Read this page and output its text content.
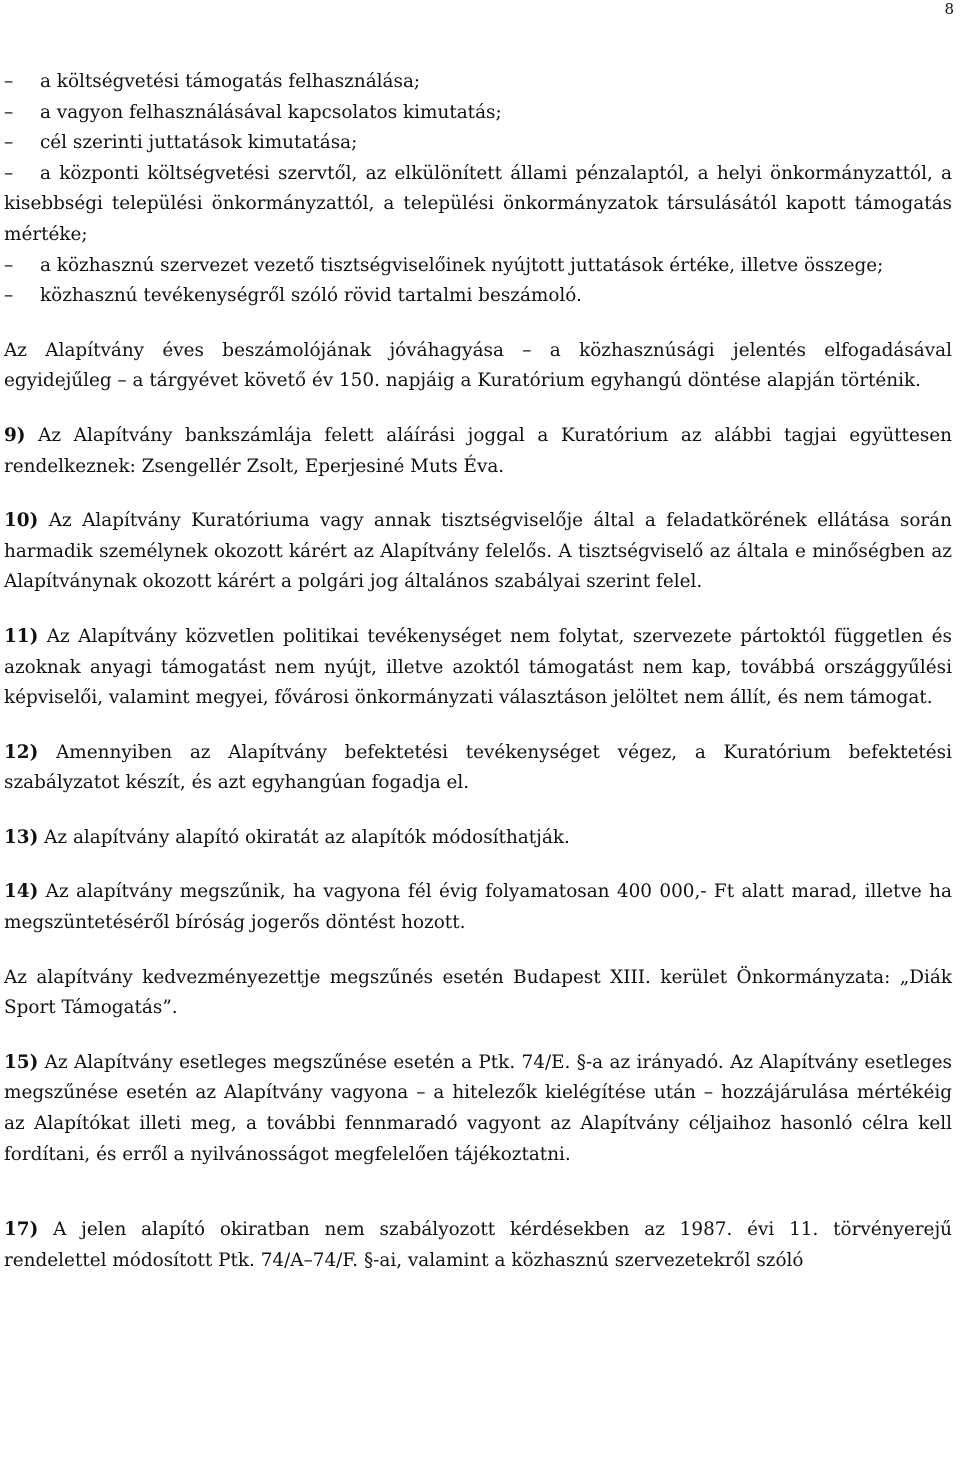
8

– a költségvetési támogatás felhasználása;

– a vagyon felhasználásával kapcsolatos kimutatás;

– cél szerinti juttatások kimutatása;

– a központi költségvetési szervtől, az elkülönített állami pénzalaptól, a helyi önkormányzattól, a kisebbségi települési önkormányzattól, a települési önkormányzatok társulásától kapott támogatás mértéke;

– a közhasznú szervezet vezető tisztségviselőinek nyújtott juttatások értéke, illetve összege;

– közhasznú tevékenységről szóló rövid tartalmi beszámoló.

Az Alapítvány éves beszámolójának jóváhagyása – a közhasznúsági jelentés elfogadásával egyidejűleg – a tárgyévet követő év 150. napjáig a Kuratórium egyhangú döntése alapján történik.

9) Az Alapítvány bankszámlája felett aláírási joggal a Kuratórium az alábbi tagjai együttesen rendelkeznek: Zsengellér Zsolt, Eperjesiné Muts Éva.

10) Az Alapítvány Kuratóriuma vagy annak tisztségviselője által a feladatkörének ellátása során harmadik személynek okozott kárért az Alapítvány felelős. A tisztségviselő az általa e minőségben az Alapítványnak okozott kárért a polgári jog általános szabályai szerint felel.

11) Az Alapítvány közvetlen politikai tevékenységet nem folytat, szervezete pártoktól független és azoknak anyagi támogatást nem nyújt, illetve azoktól támogatást nem kap, továbbá országgyűlési képviselői, valamint megyei, fővárosi önkormányzati választáson jelöltet nem állít, és nem támogat.

12) Amennyiben az Alapítvány befektetési tevékenységet végez, a Kuratórium befektetési szabályzatot készít, és azt egyhangúan fogadja el.

13) Az alapítvány alapító okiratát az alapítók módosíthatják.

14) Az alapítvány megszűnik, ha vagyona fél évig folyamatosan 400 000,- Ft alatt marad, illetve ha megszüntetéséről bíróság jogerős döntést hozott.

Az alapítvány kedvezményezettje megszűnés esetén Budapest XIII. kerület Önkormányzata: „Diák Sport Támogatás”.

15) Az Alapítvány esetleges megszűnése esetén a Ptk. 74/E. §-a az irányadó. Az Alapítvány esetleges megszűnése esetén az Alapítvány vagyona – a hitelezők kielégítése után – hozzájárulása mértékéig az Alapítókat illeti meg, a további fennmaradó vagyont az Alapítvány céljaihoz hasonló célra kell fordítani, és erről a nyilvánosságot megfelelően tájékoztatni.

17) A jelen alapító okiratban nem szabályozott kérdésekben az 1987. évi 11. törvényerejű rendelettel módosított Ptk. 74/A–74/F. §-ai, valamint a közhasznú szervezetekről szóló
